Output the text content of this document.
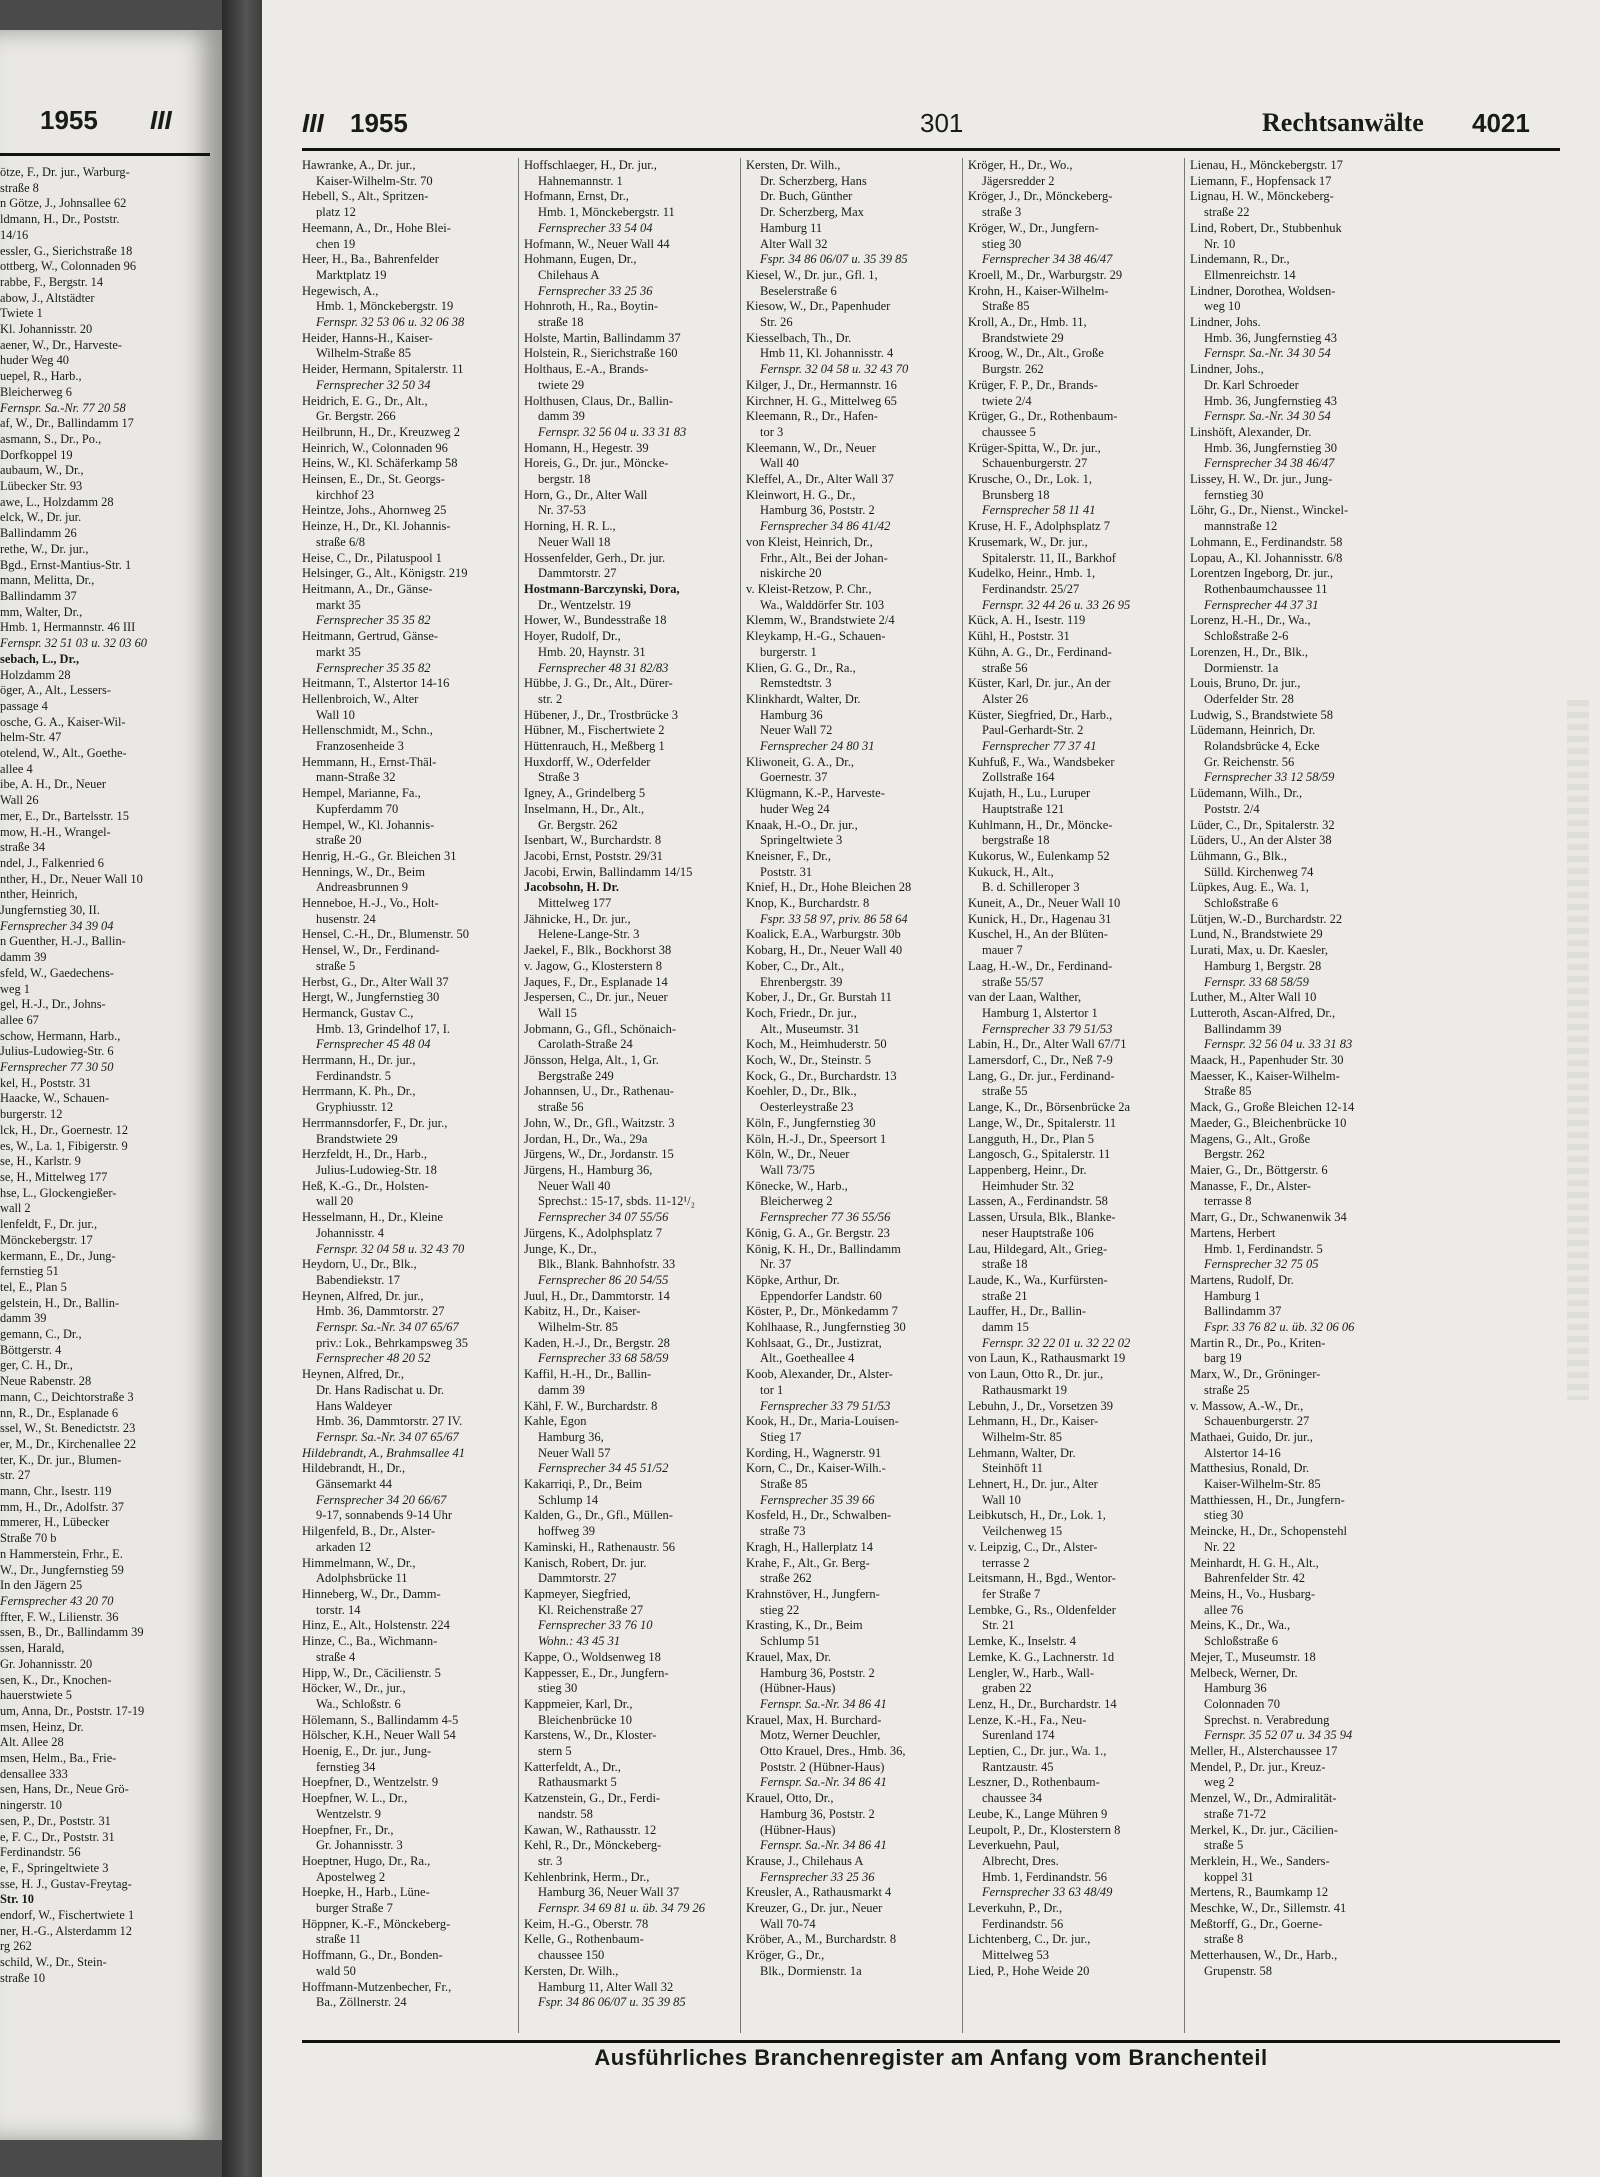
1955 III
ötze, F., Dr. jur., Warburg-
straße 8
n Götze, J., Johnsallee 62
ldmann, H., Dr., Poststr.
14/16
essler, G., Sierichstraße 18
ottberg, W., Colonnaden 96
rabbe, F., Bergstr. 14
abow, J., Altstädter
Twiete 1
Kl. Johannisstr. 20
aener, W., Dr., Harveste-
huder Weg 40
uepel, R., Harb.,
Bleicherweg 6
Fernspr. Sa.-Nr. 77 20 58
af, W., Dr., Ballindamm 17
asmann, S., Dr., Po.,
Dorfkoppel 19
aubaum, W., Dr.,
Lübecker Str. 93
awe, L., Holzdamm 28
elck, W., Dr. jur.
Ballindamm 26
rethe, W., Dr. jur.,
Bgd., Ernst-Mantius-Str. 1
mann, Melitta, Dr.,
Ballindamm 37
mm, Walter, Dr.,
Hmb. 1, Hermannstr. 46 III
Fernspr. 32 51 03 u. 32 03 60
sebach, L., Dr.,
Holzdamm 28
öger, A., Alt., Lessers-
passage 4
osche, G. A., Kaiser-Wil-
helm-Str. 47
otelend, W., Alt., Goethe-
allee 4
ibe, A. H., Dr., Neuer
Wall 26
mer, E., Dr., Bartelsstr. 15
mow, H.-H., Wrangel-
straße 34
ndel, J., Falkenried 6
nther, H., Dr., Neuer Wall 10
nther, Heinrich,
Jungfernstieg 30, II.
Fernsprecher 34 39 04
n Guenther, H.-J., Ballin-
damm 39
sfeld, W., Gaedechens-
weg 1
gel, H.-J., Dr., Johns-
allee 67
schow, Hermann, Harb.,
Julius-Ludowieg-Str. 6
Fernsprecher 77 30 50
kel, H., Poststr. 31
Haacke, W., Schauen-
burgerstr. 12
lck, H., Dr., Goernestr. 12
es, W., La. 1, Fibigerstr. 9
se, H., Karlstr. 9
se, H., Mittelweg 177
hse, L., Glockengießer-
wall 2
lenfeldt, F., Dr. jur.,
Mönckebergstr. 17
kermann, E., Dr., Jung-
fernstieg 51
tel, E., Plan 5
gelstein, H., Dr., Ballin-
damm 39
gemann, C., Dr.,
Böttgerstr. 4
ger, C. H., Dr.,
Neue Rabenstr. 28
mann, C., Deichtorstraße 3
nn, R., Dr., Esplanade 6
ssel, W., St. Benedictstr. 23
er, M., Dr., Kirchenallee 22
ter, K., Dr. jur., Blumen-
str. 27
mann, Chr., Isestr. 119
mm, H., Dr., Adolfstr. 37
mmerer, H., Lübecker
Straße 70 b
n Hammerstein, Frhr., E.
W., Dr., Jungfernstieg 59
In den Jägern 25
Fernsprecher 43 20 70
ffter, F. W., Lilienstr. 36
ssen, B., Dr., Ballindamm 39
ssen, Harald,
Gr. Johannisstr. 20
sen, K., Dr., Knochen-
hauerstwiete 5
um, Anna, Dr., Poststr. 17-19
msen, Heinz, Dr.
Alt. Allee 28
msen, Helm., Ba., Frie-
densallee 333
sen, Hans, Dr., Neue Grö-
ningerstr. 10
sen, P., Dr., Poststr. 31
e, F. C., Dr., Poststr. 31
Ferdinandstr. 56
e, F., Springeltwiete 3
sse, H. J., Gustav-Freytag-
Str. 10
endorf, W., Fischertwiete 1
ner, H.-G., Alsterdamm 12
rg 262
schild, W., Dr., Stein-
straße 10
III 1955	301	Rechtsanwälte 4021
Hawranke, A., Dr. jur.,
Kaiser-Wilhelm-Str. 70
Hebell, S., Alt., Spritzen-
platz 12
Heemann, A., Dr., Hohe Blei-
chen 19
Heer, H., Ba., Bahrenfelder
Marktplatz 19
Hegewisch, A.,
Hmb. 1, Mönckebergstr. 19
Fernspr. 32 53 06 u. 32 06 38
Heider, Hanns-H., Kaiser-
Wilhelm-Straße 85
Heider, Hermann, Spitalerstr. 11
Fernsprecher 32 50 34
Heidrich, E. G., Dr., Alt.,
Gr. Bergstr. 266
Heilbrunn, H., Dr., Kreuzweg 2
Heinrich, W., Colonnaden 96
Heins, W., Kl. Schäferkamp 58
Heinsen, E., Dr., St. Georgs-
kirchhof 23
Heintze, Johs., Ahornweg 25
Heinze, H., Dr., Kl. Johannis-
straße 6/8
Heise, C., Dr., Pilatuspool 1
Helsinger, G., Alt., Königstr. 219
Heitmann, A., Dr., Gänse-
markt 35
Fernsprecher 35 35 82
Heitmann, Gertrud, Gänse-
markt 35
Fernsprecher 35 35 82
Heitmann, T., Alstertor 14-16
Hellenbroich, W., Alter
Wall 10
Hellenschmidt, M., Schn.,
Franzosenheide 3
Hemmann, H., Ernst-Thäl-
mann-Straße 32
Hempel, Marianne, Fa.,
Kupferdamm 70
Hempel, W., Kl. Johannis-
straße 20
Henrig, H.-G., Gr. Bleichen 31
Hennings, W., Dr., Beim
Andreasbrunnen 9
Henneboe, H.-J., Vo., Holt-
husenstr. 24
Hensel, C.-H., Dr., Blumenstr. 50
Hensel, W., Dr., Ferdinand-
straße 5
Herbst, G., Dr., Alter Wall 37
Hergt, W., Jungfernstieg 30
Hermanck, Gustav C.,
Hmb. 13, Grindelhof 17, I.
Fernsprecher 45 48 04
Herrmann, H., Dr. jur.,
Ferdinandstr. 5
Herrmann, K. Ph., Dr.,
Gryphiusstr. 12
Herrmannsdorfer, F., Dr. jur.,
Brandstwiete 29
Herzfeldt, H., Dr., Harb.,
Julius-Ludowieg-Str. 18
Heß, K.-G., Dr., Holsten-
wall 20
Hesselmann, H., Dr., Kleine
Johannisstr. 4
Fernspr. 32 04 58 u. 32 43 70
Heydorn, U., Dr., Blk.,
Babendiekstr. 17
Heynen, Alfred, Dr. jur.,
Hmb. 36, Dammtorstr. 27
Fernspr. Sa.-Nr. 34 07 65/67
priv.: Lok., Behrkampsweg 35
Fernsprecher 48 20 52
Heynen, Alfred, Dr.,
Dr. Hans Radischat u. Dr.
Hans Waldeyer
Hmb. 36, Dammtorstr. 27 IV.
Fernspr. Sa.-Nr. 34 07 65/67
Hildebrandt, A., Brahmsallee 41
Hildebrandt, H., Dr.,
Gänsemarkt 44
Fernsprecher 34 20 66/67
9-17, sonnabends 9-14 Uhr
Hilgenfeld, B., Dr., Alster-
arkaden 12
Himmelmann, W., Dr.,
Adolphsbrücke 11
Hinneberg, W., Dr., Damm-
torstr. 14
Hinz, E., Alt., Holstenstr. 224
Hinze, C., Ba., Wichmann-
straße 4
Hipp, W., Dr., Cäcilienstr. 5
Höcker, W., Dr., jur.,
Wa., Schloßstr. 6
Hölemann, S., Ballindamm 4-5
Hölscher, K.H., Neuer Wall 54
Hoenig, E., Dr. jur., Jung-
fernstieg 34
Hoepfner, D., Wentzelstr. 9
Hoepfner, W. L., Dr.,
Wentzelstr. 9
Hoepfner, Fr., Dr.,
Gr. Johannisstr. 3
Hoeptner, Hugo, Dr., Ra.,
Apostelweg 2
Hoepke, H., Harb., Lüne-
burger Straße 7
Höppner, K.-F., Mönckeberg-
straße 11
Hoffmann, G., Dr., Bonden-
wald 50
Hoffmann-Mutzenbecher, Fr.,
Ba., Zöllnerstr. 24
Hoffschlaeger, H., Dr. jur.,
Hahnemannstr. 1
Hofmann, Ernst, Dr.,
Hmb. 1, Mönckebergstr. 11
Fernsprecher 33 54 04
Hofmann, W., Neuer Wall 44
Hohmann, Eugen, Dr.,
Chilehaus A
Fernsprecher 33 25 36
Hohnroth, H., Ra., Boytin-
straße 18
Holste, Martin, Ballindamm 37
Holstein, R., Sierichstraße 160
Holthaus, E.-A., Brands-
twiete 29
Holthusen, Claus, Dr., Ballin-
damm 39
Fernspr. 32 56 04 u. 33 31 83
Homann, H., Hegestr. 39
Horeis, G., Dr. jur., Möncke-
bergstr. 18
Horn, G., Dr., Alter Wall
Nr. 37-53
Horning, H. R. L.,
Neuer Wall 18
Hossenfelder, Gerh., Dr. jur.
Dammtorstr. 27
Hostmann-Barczynski, Dora,
Dr., Wentzelstr. 19
Hower, W., Bundesstraße 18
Hoyer, Rudolf, Dr.,
Hmb. 20, Haynstr. 31
Fernsprecher 48 31 82/83
Hübbe, J. G., Dr., Alt., Dürer-
str. 2
Hübener, J., Dr., Trostbrücke 3
Hübner, M., Fischertwiete 2
Hüttenrauch, H., Meßberg 1
Huxdorff, W., Oderfelder
Straße 3
Igney, A., Grindelberg 5
Inselmann, H., Dr., Alt.,
Gr. Bergstr. 262
Isenbart, W., Burchardstr. 8
Jacobi, Ernst, Poststr. 29/31
Jacobi, Erwin, Ballindamm 14/15
Jacobsohn, H. Dr.
Mittelweg 177
Jähnicke, H., Dr. jur.,
Helene-Lange-Str. 3
Jaekel, F., Blk., Bockhorst 38
v. Jagow, G., Klosterstern 8
Jaques, F., Dr., Esplanade 14
Jespersen, C., Dr. jur., Neuer
Wall 15
Jobmann, G., Gfl., Schönaich-
Carolath-Straße 24
Jönsson, Helga, Alt., 1, Gr.
Bergstraße 249
Johannsen, U., Dr., Rathenau-
straße 56
John, W., Dr., Gfl., Waitzstr. 3
Jordan, H., Dr., Wa., 29a
Jürgens, W., Dr., Jordanstr. 15
Jürgens, H., Hamburg 36,
Neuer Wall 40
Sprechst.: 15-17, sbds. 11-12¹/₂
Fernsprecher 34 07 55/56
Jürgens, K., Adolphsplatz 7
Junge, K., Dr.,
Blk., Blank. Bahnhofstr. 33
Fernsprecher 86 20 54/55
Juul, H., Dr., Dammtorstr. 14
Kabitz, H., Dr., Kaiser-
Wilhelm-Str. 85
Kaden, H.-J., Dr., Bergstr. 28
Fernsprecher 33 68 58/59
Kaffil, H.-H., Dr., Ballin-
damm 39
Kähl, F. W., Burchardstr. 8
Kahle, Egon
Hamburg 36,
Neuer Wall 57
Fernsprecher 34 45 51/52
Kakarriqi, P., Dr., Beim
Schlump 14
Kalden, G., Dr., Gfl., Müllen-
hoffweg 39
Kaminski, H., Rathenaustr. 56
Kanisch, Robert, Dr. jur.
Dammtorstr. 27
Kapmeyer, Siegfried,
Kl. Reichenstraße 27
Fernsprecher 33 76 10
Wohn.: 43 45 31
Kappe, O., Woldsenweg 18
Kappesser, E., Dr., Jungfern-
stieg 30
Kappmeier, Karl, Dr.,
Bleichenbrücke 10
Karstens, W., Dr., Kloster-
stern 5
Katterfeldt, A., Dr.,
Rathausmarkt 5
Katzenstein, G., Dr., Ferdi-
nandstr. 58
Kawan, W., Rathausstr. 12
Kehl, R., Dr., Mönckeberg-
str. 3
Kehlenbrink, Herm., Dr.,
Hamburg 36, Neuer Wall 37
Fernspr. 34 69 81 u. üb. 34 79 26
Keim, H.-G., Oberstr. 78
Kelle, G., Rothenbaum-
chaussee 150
Kersten, Dr. Wilh.,
Hamburg 11, Alter Wall 32
Fspr. 34 86 06/07 u. 35 39 85
Kersten, Dr. Wilh.,
Dr. Scherzberg, Hans
Dr. Buch, Günther
Dr. Scherzberg, Max
Hamburg 11
Alter Wall 32
Fspr. 34 86 06/07 u. 35 39 85
Kiesel, W., Dr. jur., Gfl. 1,
Beselerstraße 6
Kiesow, W., Dr., Papenhuder
Str. 26
Kiesselbach, Th., Dr.
Hmb 11, Kl. Johannisstr. 4
Fernspr. 32 04 58 u. 32 43 70
Kilger, J., Dr., Hermannstr. 16
Kirchner, H. G., Mittelweg 65
Kleemann, R., Dr., Hafen-
tor 3
Kleemann, W., Dr., Neuer
Wall 40
Kleffel, A., Dr., Alter Wall 37
Kleinwort, H. G., Dr.,
Hamburg 36, Poststr. 2
Fernsprecher 34 86 41/42
von Kleist, Heinrich, Dr.,
Frhr., Alt., Bei der Johan-
niskirche 20
v. Kleist-Retzow, P. Chr.,
Wa., Walddörfer Str. 103
Klemm, W., Brandstwiete 2/4
Kleykamp, H.-G., Schauen-
burgerstr. 1
Klien, G. G., Dr., Ra.,
Remstedtstr. 3
Klinkhardt, Walter, Dr.
Hamburg 36
Neuer Wall 72
Fernsprecher 24 80 31
Kliwoneit, G. A., Dr.,
Goernestr. 37
Klügmann, K.-P., Harveste-
huder Weg 24
Knaak, H.-O., Dr. jur.,
Springeltwiete 3
Kneisner, F., Dr.,
Poststr. 31
Knief, H., Dr., Hohe Bleichen 28
Knop, K., Burchardstr. 8
Fspr. 33 58 97, priv. 86 58 64
Koalick, E.A., Warburgstr. 30b
Kobarg, H., Dr., Neuer Wall 40
Kober, C., Dr., Alt.,
Ehrenbergstr. 39
Kober, J., Dr., Gr. Burstah 11
Koch, Friedr., Dr. jur.,
Alt., Museumstr. 31
Koch, M., Heimhuderstr. 50
Koch, W., Dr., Steinstr. 5
Kock, G., Dr., Burchardstr. 13
Koehler, D., Dr., Blk.,
Oesterleystraße 23
Köln, F., Jungfernstieg 30
Köln, H.-J., Dr., Speersort 1
Köln, W., Dr., Neuer
Wall 73/75
Könecke, W., Harb.,
Bleicherweg 2
Fernsprecher 77 36 55/56
König, G. A., Gr. Bergstr. 23
König, K. H., Dr., Ballindamm
Nr. 37
Köpke, Arthur, Dr.
Eppendorfer Landstr. 60
Köster, P., Dr., Mönkedamm 7
Kohlhaase, R., Jungfernstieg 30
Kohlsaat, G., Dr., Justizrat,
Alt., Goetheallee 4
Koob, Alexander, Dr., Alster-
tor 1
Fernsprecher 33 79 51/53
Kook, H., Dr., Maria-Louisen-
Stieg 17
Kording, H., Wagnerstr. 91
Korn, C., Dr., Kaiser-Wilh.-
Straße 85
Fernsprecher 35 39 66
Kosfeld, H., Dr., Schwalben-
straße 73
Kragh, H., Hallerplatz 14
Krahe, F., Alt., Gr. Berg-
straße 262
Krahnstöver, H., Jungfern-
stieg 22
Krasting, K., Dr., Beim
Schlump 51
Krauel, Max, Dr.
Hamburg 36, Poststr. 2
(Hübner-Haus)
Fernspr. Sa.-Nr. 34 86 41
Krauel, Max, H. Burchard-
Motz, Werner Deuchler,
Otto Krauel, Dres., Hmb. 36,
Poststr. 2 (Hübner-Haus)
Fernspr. Sa.-Nr. 34 86 41
Krauel, Otto, Dr.,
Hamburg 36, Poststr. 2
(Hübner-Haus)
Fernspr. Sa.-Nr. 34 86 41
Krause, J., Chilehaus A
Fernsprecher 33 25 36
Kreusler, A., Rathausmarkt 4
Kreuzer, G., Dr. jur., Neuer
Wall 70-74
Kröber, A., M., Burchardstr. 8
Kröger, G., Dr.,
Blk., Dormienstr. 1a
Kröger, H., Dr., Wo.,
Jägersredder 2
Kröger, J., Dr., Mönckeberg-
straße 3
Kröger, W., Dr., Jungfern-
stieg 30
Fernsprecher 34 38 46/47
Kroell, M., Dr., Warburgstr. 29
Krohn, H., Kaiser-Wilhelm-
Straße 85
Kroll, A., Dr., Hmb. 11,
Brandstwiete 29
Kroog, W., Dr., Alt., Große
Burgstr. 262
Krüger, F. P., Dr., Brands-
twiete 2/4
Krüger, G., Dr., Rothenbaum-
chaussee 5
Krüger-Spitta, W., Dr. jur.,
Schauenburgerstr. 27
Krusche, O., Dr., Lok. 1,
Brunsberg 18
Fernsprecher 58 11 41
Kruse, H. F., Adolphsplatz 7
Krusemark, W., Dr. jur.,
Spitalerstr. 11, II., Barkhof
Kudelko, Heinr., Hmb. 1,
Ferdinandstr. 25/27
Fernspr. 32 44 26 u. 33 26 95
Kück, A. H., Isestr. 119
Kühl, H., Poststr. 31
Kühn, A. G., Dr., Ferdinand-
straße 56
Küster, Karl, Dr. jur., An der
Alster 26
Küster, Siegfried, Dr., Harb.,
Paul-Gerhardt-Str. 2
Fernsprecher 77 37 41
Kuhfuß, F., Wa., Wandsbeker
Zollstraße 164
Kujath, H., Lu., Luruper
Hauptstraße 121
Kuhlmann, H., Dr., Möncke-
bergstraße 18
Kukorus, W., Eulenkamp 52
Kukuck, H., Alt.,
B. d. Schilleroper 3
Kuneit, A., Dr., Neuer Wall 10
Kunick, H., Dr., Hagenau 31
Kuschel, H., An der Blüten-
mauer 7
Laag, H.-W., Dr., Ferdinand-
straße 55/57
van der Laan, Walther,
Hamburg 1, Alstertor 1
Fernsprecher 33 79 51/53
Labin, H., Dr., Alter Wall 67/71
Lamersdorf, C., Dr., Neß 7-9
Lang, G., Dr. jur., Ferdinand-
straße 55
Lange, K., Dr., Börsenbrücke 2a
Lange, W., Dr., Spitalerstr. 11
Langguth, H., Dr., Plan 5
Langosch, G., Spitalerstr. 11
Lappenberg, Heinr., Dr.
Heimhuder Str. 32
Lassen, A., Ferdinandstr. 58
Lassen, Ursula, Blk., Blanke-
neser Hauptstraße 106
Lau, Hildegard, Alt., Grieg-
straße 18
Laude, K., Wa., Kurfürsten-
straße 21
Lauffer, H., Dr., Ballin-
damm 15
Fernspr. 32 22 01 u. 32 22 02
von Laun, K., Rathausmarkt 19
von Laun, Otto R., Dr. jur.,
Rathausmarkt 19
Lebuhn, J., Dr., Vorsetzen 39
Lehmann, H., Dr., Kaiser-
Wilhelm-Str. 85
Lehmann, Walter, Dr.
Steinhöft 11
Lehnert, H., Dr. jur., Alter
Wall 10
Leibkutsch, H., Dr., Lok. 1,
Veilchenweg 15
v. Leipzig, C., Dr., Alster-
terrasse 2
Leitsmann, H., Bgd., Wentor-
fer Straße 7
Lembke, G., Rs., Oldenfelder
Str. 21
Lemke, K., Inselstr. 4
Lemke, K. G., Lachnerstr. 1d
Lengler, W., Harb., Wall-
graben 22
Lenz, H., Dr., Burchardstr. 14
Lenze, K.-H., Fa., Neu-
Surenland 174
Leptien, C., Dr. jur., Wa. 1.,
Rantzaustr. 45
Leszner, D., Rothenbaum-
chaussee 34
Leube, K., Lange Mühren 9
Leupolt, P., Dr., Klosterstern 8
Leverkuehn, Paul,
Albrecht, Dres.
Hmb. 1, Ferdinandstr. 56
Fernsprecher 33 63 48/49
Leverkuhn, P., Dr.,
Ferdinandstr. 56
Lichtenberg, C., Dr. jur.,
Mittelweg 53
Lied, P., Hohe Weide 20
Lienau, H., Mönckebergstr. 17
Liemann, F., Hopfensack 17
Lignau, H. W., Mönckeberg-
straße 22
Lind, Robert, Dr., Stubbenhuk
Nr. 10
Lindemann, R., Dr.,
Ellmenreichstr. 14
Lindner, Dorothea, Woldsen-
weg 10
Lindner, Johs.
Hmb. 36, Jungfernstieg 43
Fernspr. Sa.-Nr. 34 30 54
Lindner, Johs.,
Dr. Karl Schroeder
Hmb. 36, Jungfernstieg 43
Fernspr. Sa.-Nr. 34 30 54
Linshöft, Alexander, Dr.
Hmb. 36, Jungfernstieg 30
Fernsprecher 34 38 46/47
Lissey, H. W., Dr. jur., Jung-
fernstieg 30
Löhr, G., Dr., Nienst., Winckel-
mannstraße 12
Lohmann, E., Ferdinandstr. 58
Lopau, A., Kl. Johannisstr. 6/8
Lorentzen Ingeborg, Dr. jur.,
Rothenbaumchaussee 11
Fernsprecher 44 37 31
Lorenz, H.-H., Dr., Wa.,
Schloßstraße 2-6
Lorenzen, H., Dr., Blk.,
Dormienstr. 1a
Louis, Bruno, Dr. jur.,
Oderfelder Str. 28
Ludwig, S., Brandstwiete 58
Lüdemann, Heinrich, Dr.
Rolandsbrücke 4, Ecke
Gr. Reichenstr. 56
Fernsprecher 33 12 58/59
Lüdemann, Wilh., Dr.,
Poststr. 2/4
Lüder, C., Dr., Spitalerstr. 32
Lüders, U., An der Alster 38
Lühmann, G., Blk.,
Sülld. Kirchenweg 74
Lüpkes, Aug. E., Wa. 1,
Schloßstraße 6
Lütjen, W.-D., Burchardstr. 22
Lund, N., Brandstwiete 29
Lurati, Max, u. Dr. Kaesler,
Hamburg 1, Bergstr. 28
Fernspr. 33 68 58/59
Luther, M., Alter Wall 10
Lutteroth, Ascan-Alfred, Dr.,
Ballindamm 39
Fernspr. 32 56 04 u. 33 31 83
Maack, H., Papenhuder Str. 30
Maesser, K., Kaiser-Wilhelm-
Straße 85
Mack, G., Große Bleichen 12-14
Maeder, G., Bleichenbrücke 10
Magens, G., Alt., Große
Bergstr. 262
Maier, G., Dr., Böttgerstr. 6
Manasse, F., Dr., Alster-
terrasse 8
Marr, G., Dr., Schwanenwik 34
Martens, Herbert
Hmb. 1, Ferdinandstr. 5
Fernsprecher 32 75 05
Martens, Rudolf, Dr.
Hamburg 1
Ballindamm 37
Fspr. 33 76 82 u. üb. 32 06 06
Martin R., Dr., Po., Kriten-
barg 19
Marx, W., Dr., Gröninger-
straße 25
v. Massow, A.-W., Dr.,
Schauenburgerstr. 27
Mathaei, Guido, Dr. jur.,
Alstertor 14-16
Matthesius, Ronald, Dr.
Kaiser-Wilhelm-Str. 85
Matthiessen, H., Dr., Jungfern-
stieg 30
Meincke, H., Dr., Schopenstehl
Nr. 22
Meinhardt, H. G. H., Alt.,
Bahrenfelder Str. 42
Meins, H., Vo., Husbarg-
allee 76
Meins, K., Dr., Wa.,
Schloßstraße 6
Mejer, T., Museumstr. 18
Melbeck, Werner, Dr.
Hamburg 36
Colonnaden 70
Sprechst. n. Verabredung
Fernspr. 35 52 07 u. 34 35 94
Meller, H., Alsterchaussee 17
Mendel, P., Dr. jur., Kreuz-
weg 2
Menzel, W., Dr., Admiralität-
straße 71-72
Merkel, K., Dr. jur., Cäcilien-
straße 5
Merklein, H., We., Sanders-
koppel 31
Mertens, R., Baumkamp 12
Meschke, W., Dr., Sillemstr. 41
Meßtorff, G., Dr., Goerne-
straße 8
Metterhausen, W., Dr., Harb.,
Grupenstr. 58
Ausführliches Branchenregister am Anfang vom Branchenteil
